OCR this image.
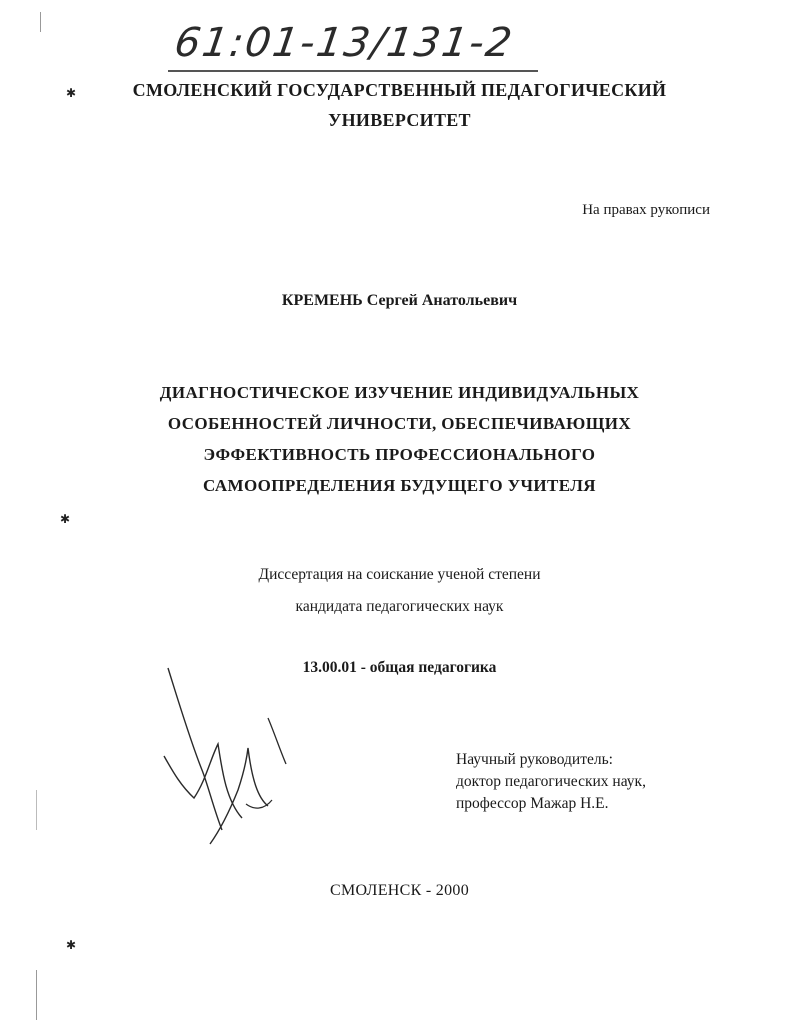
✱
✱
✱
61:01-13/131-2
СМОЛЕНСКИЙ ГОСУДАРСТВЕННЫЙ ПЕДАГОГИЧЕСКИЙ
УНИВЕРСИТЕТ
На правах рукописи
КРЕМЕНЬ Сергей Анатольевич
ДИАГНОСТИЧЕСКОЕ ИЗУЧЕНИЕ ИНДИВИДУАЛЬНЫХ
ОСОБЕННОСТЕЙ ЛИЧНОСТИ, ОБЕСПЕЧИВАЮЩИХ
ЭФФЕКТИВНОСТЬ ПРОФЕССИОНАЛЬНОГО
САМООПРЕДЕЛЕНИЯ БУДУЩЕГО УЧИТЕЛЯ
Диссертация на соискание ученой степени
кандидата педагогических наук
13.00.01 - общая педагогика
Научный руководитель:
доктор педагогических наук,
профессор Мажар Н.Е.
СМОЛЕНСК - 2000
